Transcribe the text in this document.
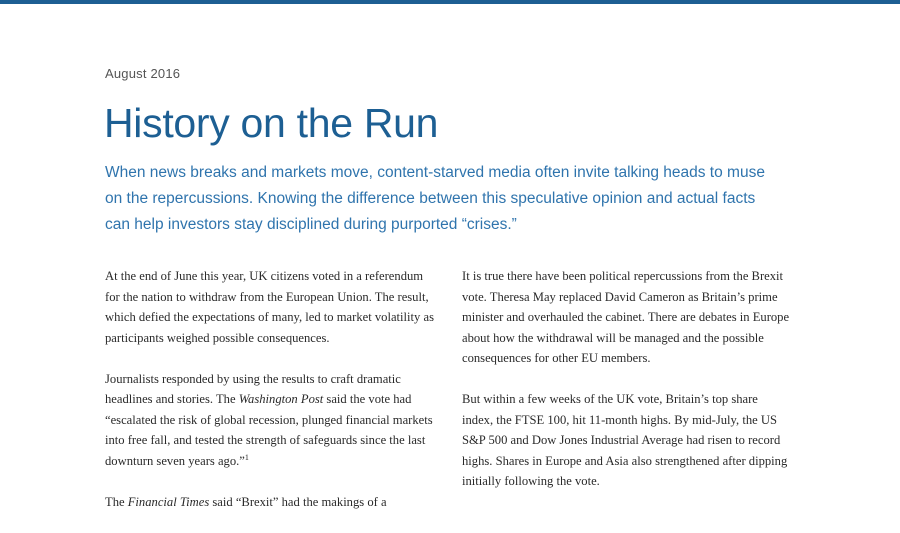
August 2016
History on the Run

When news breaks and markets move, content-starved media often invite talking heads to muse on the repercussions. Knowing the difference between this speculative opinion and actual facts can help investors stay disciplined during purported “crises.”

At the end of June this year, UK citizens voted in a referendum for the nation to withdraw from the European Union. The result, which defied the expectations of many, led to market volatility as participants weighed possible consequences.

Journalists responded by using the results to craft dramatic headlines and stories. The Washington Post said the vote had “escalated the risk of global recession, plunged financial markets into free fall, and tested the strength of safeguards since the last downturn seven years ago.”$^1$

The Financial Times said “Brexit” had the makings of a

It is true there have been political repercussions from the Brexit vote. Theresa May replaced David Cameron as Britain’s prime minister and overhauled the cabinet. There are debates in Europe about how the withdrawal will be managed and the possible consequences for other EU members.

But within a few weeks of the UK vote, Britain’s top share index, the FTSE 100, hit 11-month highs. By mid-July, the US S&P 500 and Dow Jones Industrial Average had risen to record highs. Shares in Europe and Asia also strengthened after dipping initially following the vote.
